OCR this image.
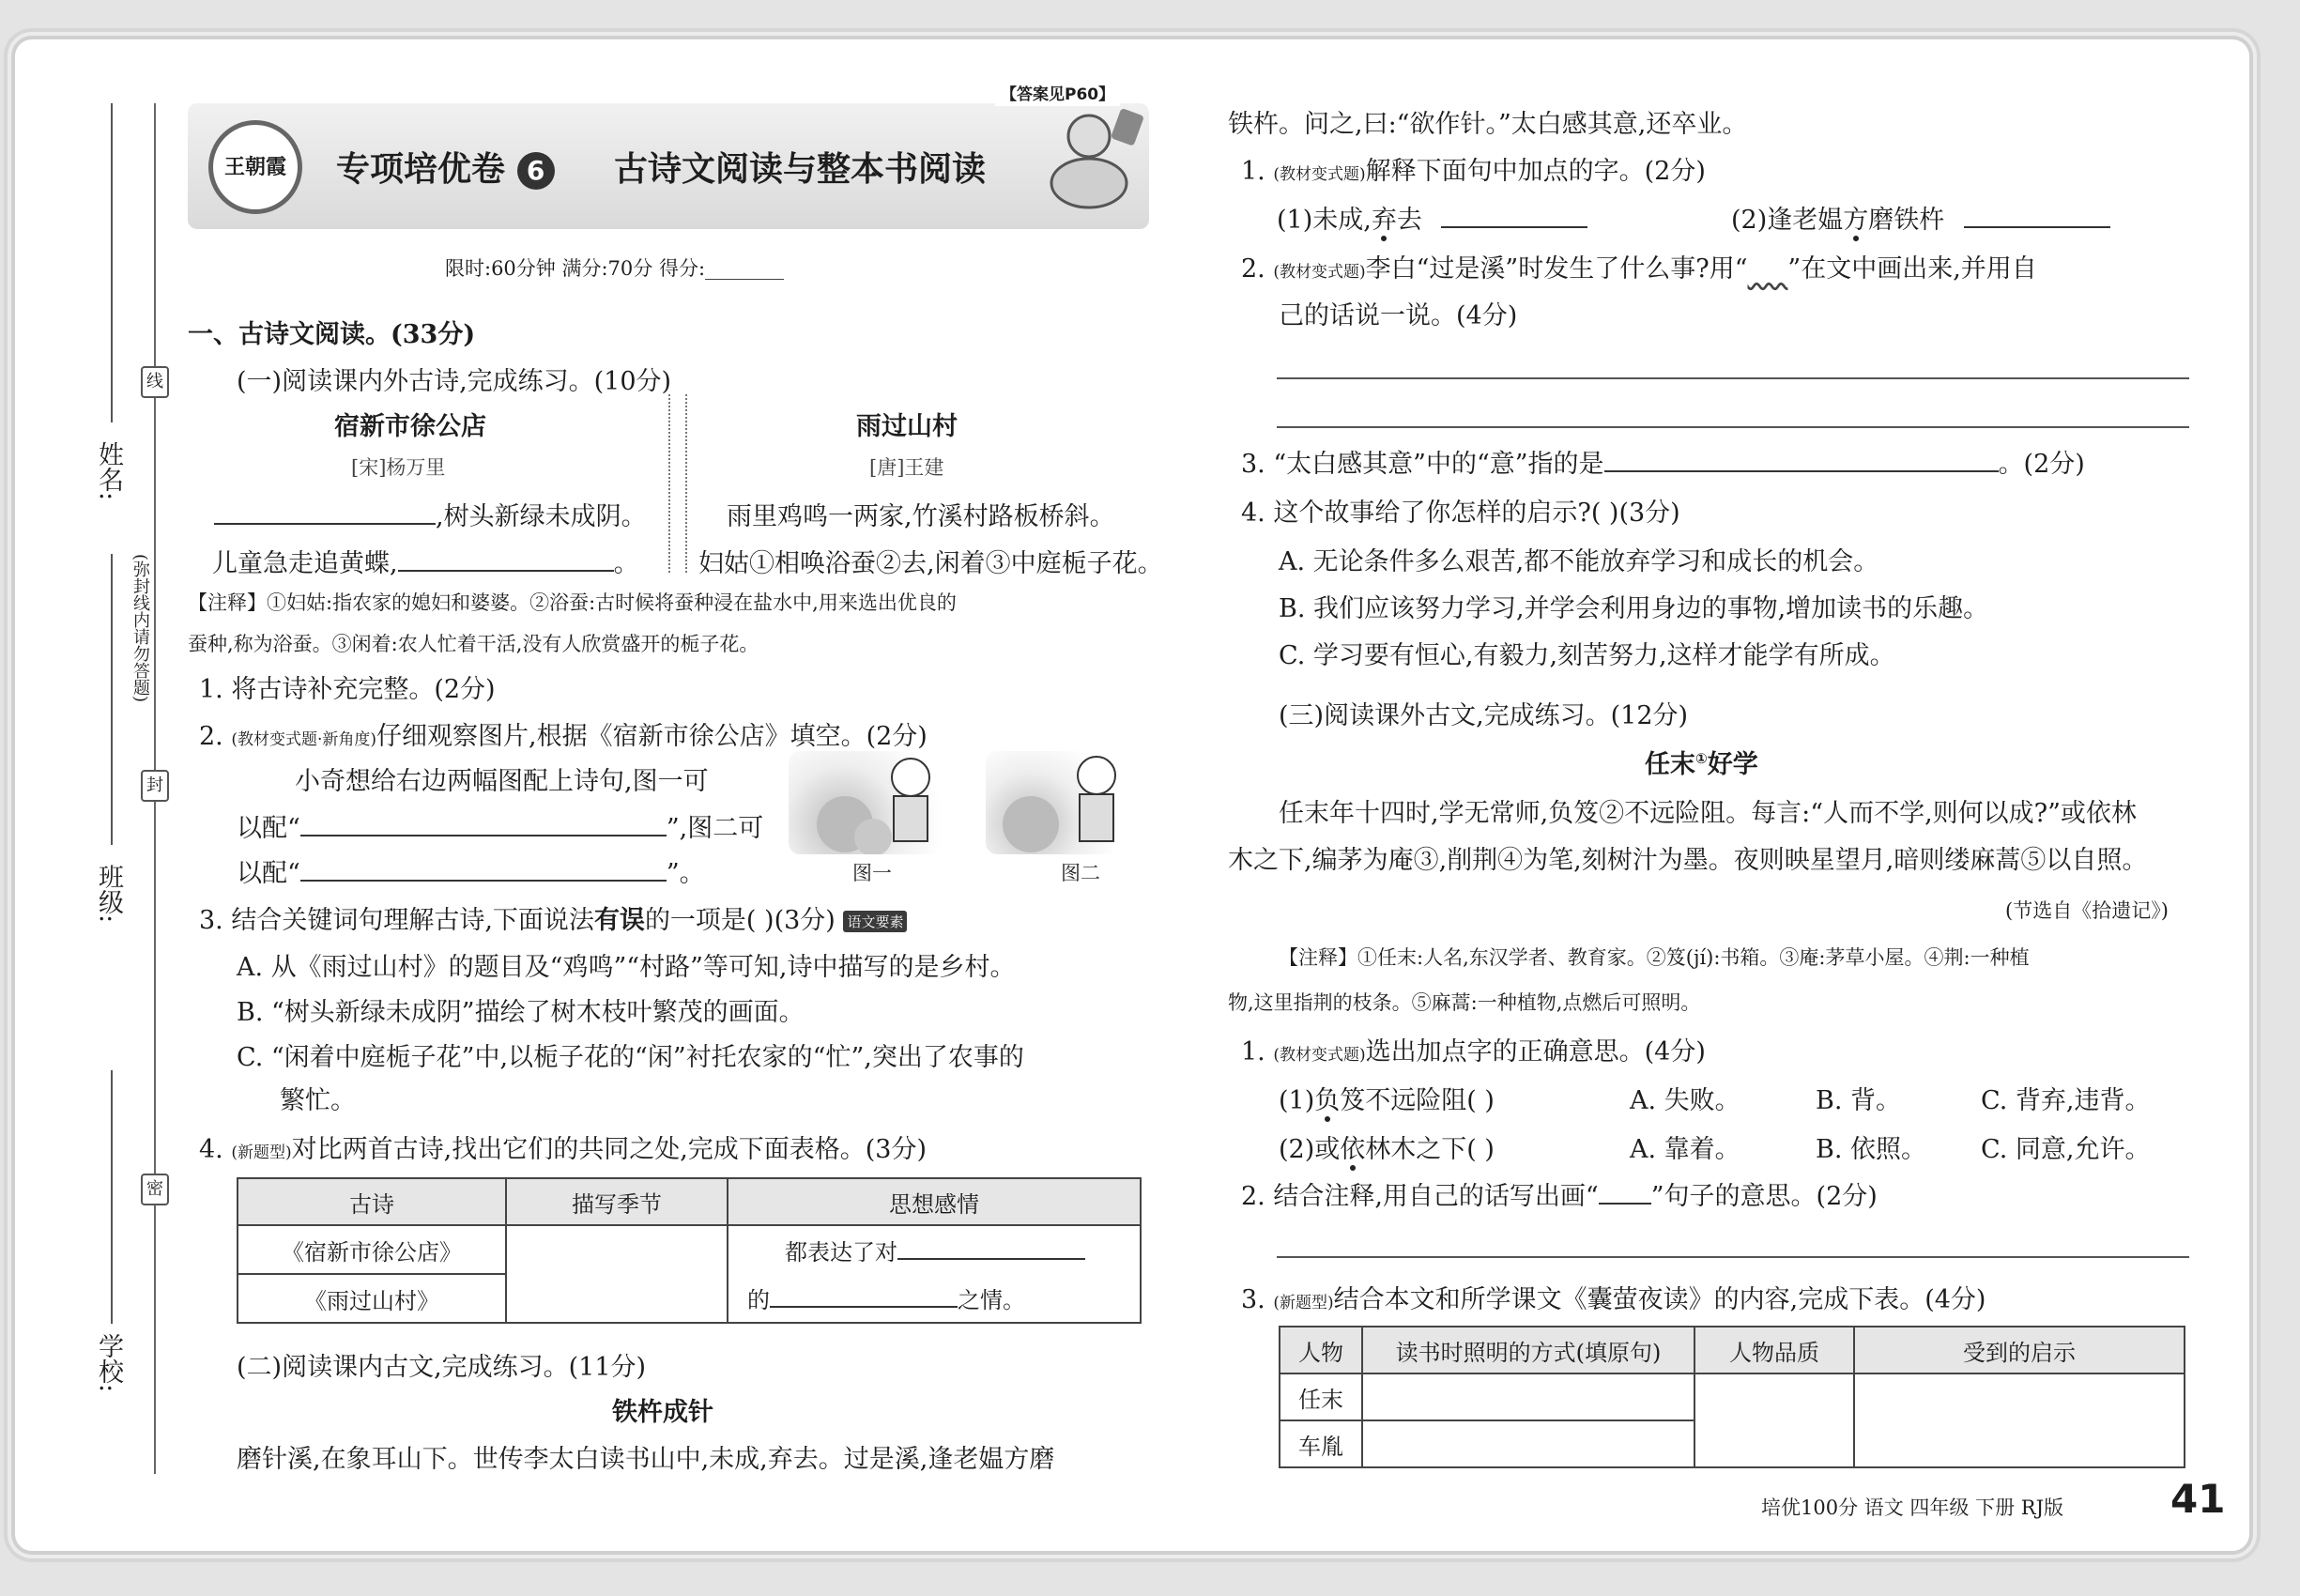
姓名:
班级:
学校:
线
(弥封线内请勿答题)
封
密
王朝霞	专项培优卷 6 古诗文阅读与整本书阅读
【答案见P60】
限时:60分钟 满分:70分 得分:________
一、古诗文阅读。(33分)
(一)阅读课内外古诗,完成练习。(10分)
宿新市徐公店
[宋]杨万里
,树头新绿未成阴。
儿童急走追黄蝶,	。
雨过山村
[唐]王建
雨里鸡鸣一两家,竹溪村路板桥斜。
妇姑①相唤浴蚕②去,闲着③中庭栀子花。
【注释】①妇姑:指农家的媳妇和婆婆。②浴蚕:古时候将蚕种浸在盐水中,用来选出优良的
蚕种,称为浴蚕。③闲着:农人忙着干活,没有人欣赏盛开的栀子花。
1. 将古诗补充完整。(2分)
2. (教材变式题·新角度)仔细观察图片,根据《宿新市徐公店》填空。(2分)
小奇想给右边两幅图配上诗句,图一可
以配“	”,图二可
以配“	”。	图一	图二
3. 结合关键词句理解古诗,下面说法有误的一项是( )(3分) 语文要素
A. 从《雨过山村》的题目及“鸡鸣”“村路”等可知,诗中描写的是乡村。
B. “树头新绿未成阴”描绘了树木枝叶繁茂的画面。
C. “闲着中庭栀子花”中,以栀子花的“闲”衬托农家的“忙”,突出了农事的
繁忙。
4. (新题型)对比两首古诗,找出它们的共同之处,完成下面表格。(3分)
古诗	描写季节	思想感情
《宿新市徐公店》		都表达了对
的 之情。

《雨过山村》		
(二)阅读课内古文,完成练习。(11分)
铁杵成针
磨针溪,在象耳山下。世传李太白读书山中,未成,弃去。过是溪,逢老媪方磨
铁杵。问之,曰:“欲作针。”太白感其意,还卒业。
1. (教材变式题)解释下面句中加点的字。(2分)
(1)未成,弃去	(2)逢老媪方磨铁杵
2. (教材变式题)李白“过是溪”时发生了什么事?用“ ”在文中画出来,并用自
己的话说一说。(4分)
3. “太白感其意”中的“意”指的是	。(2分)
4. 这个故事给了你怎样的启示?( )(3分)
A. 无论条件多么艰苦,都不能放弃学习和成长的机会。
B. 我们应该努力学习,并学会利用身边的事物,增加读书的乐趣。
C. 学习要有恒心,有毅力,刻苦努力,这样才能学有所成。
(三)阅读课外古文,完成练习。(12分)
任末①好学
任末年十四时,学无常师,负笈②不远险阻。每言:“人而不学,则何以成?”或依林
木之下,编茅为庵③,削荆④为笔,刻树汁为墨。夜则映星望月,暗则缕麻蒿⑤以自照。
(节选自《拾遗记》)
【注释】①任末:人名,东汉学者、教育家。②笈(jí):书箱。③庵:茅草小屋。④荆:一种植
物,这里指荆的枝条。⑤麻蒿:一种植物,点燃后可照明。
1. (教材变式题)选出加点字的正确意思。(4分)
(1)负笈不远险阻( )	A. 失败。	B. 背。	C. 背弃,违背。
(2)或依林木之下( )	A. 靠着。	B. 依照。 C. 同意,允许。
2. 结合注释,用自己的话写出画“ ”句子的意思。(2分)
3. (新题型)结合本文和所学课文《囊萤夜读》的内容,完成下表。(4分)
人物	读书时照明的方式(填原句)	人物品质	受到的启示
任末			
车胤			
培优100分 语文 四年级 下册 RJ版	41
